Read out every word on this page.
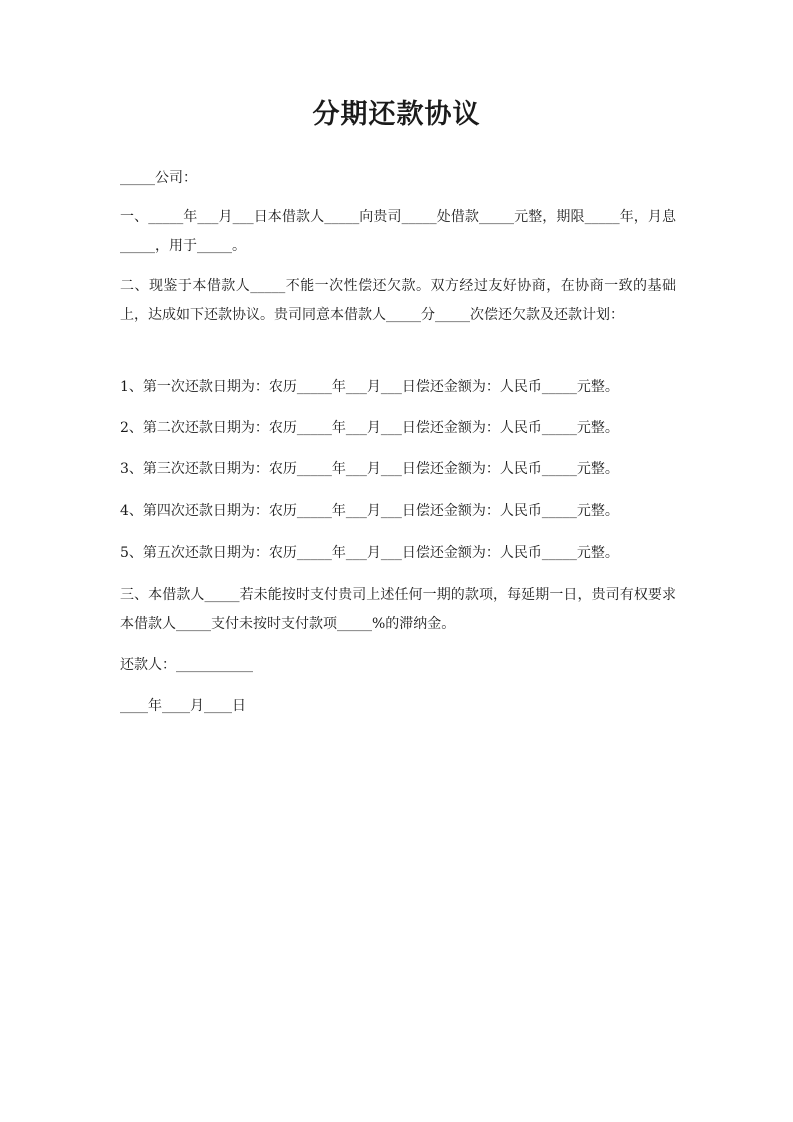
分期还款协议
_____公司：
一、_____年___月___日本借款人_____向贵司_____处借款_____元整，期限_____年，月息_____，用于_____。
二、现鉴于本借款人_____不能一次性偿还欠款。双方经过友好协商，在协商一致的基础上，达成如下还款协议。贵司同意本借款人_____分_____次偿还欠款及还款计划：
1、第一次还款日期为：农历_____年___月___日偿还金额为：人民币_____元整。
2、第二次还款日期为：农历_____年___月___日偿还金额为：人民币_____元整。
3、第三次还款日期为：农历_____年___月___日偿还金额为：人民币_____元整。
4、第四次还款日期为：农历_____年___月___日偿还金额为：人民币_____元整。
5、第五次还款日期为：农历_____年___月___日偿还金额为：人民币_____元整。
三、本借款人_____若未能按时支付贵司上述任何一期的款项，每延期一日，贵司有权要求本借款人_____支付未按时支付款项_____%的滞纳金。
还款人：___________
____年____月____日
